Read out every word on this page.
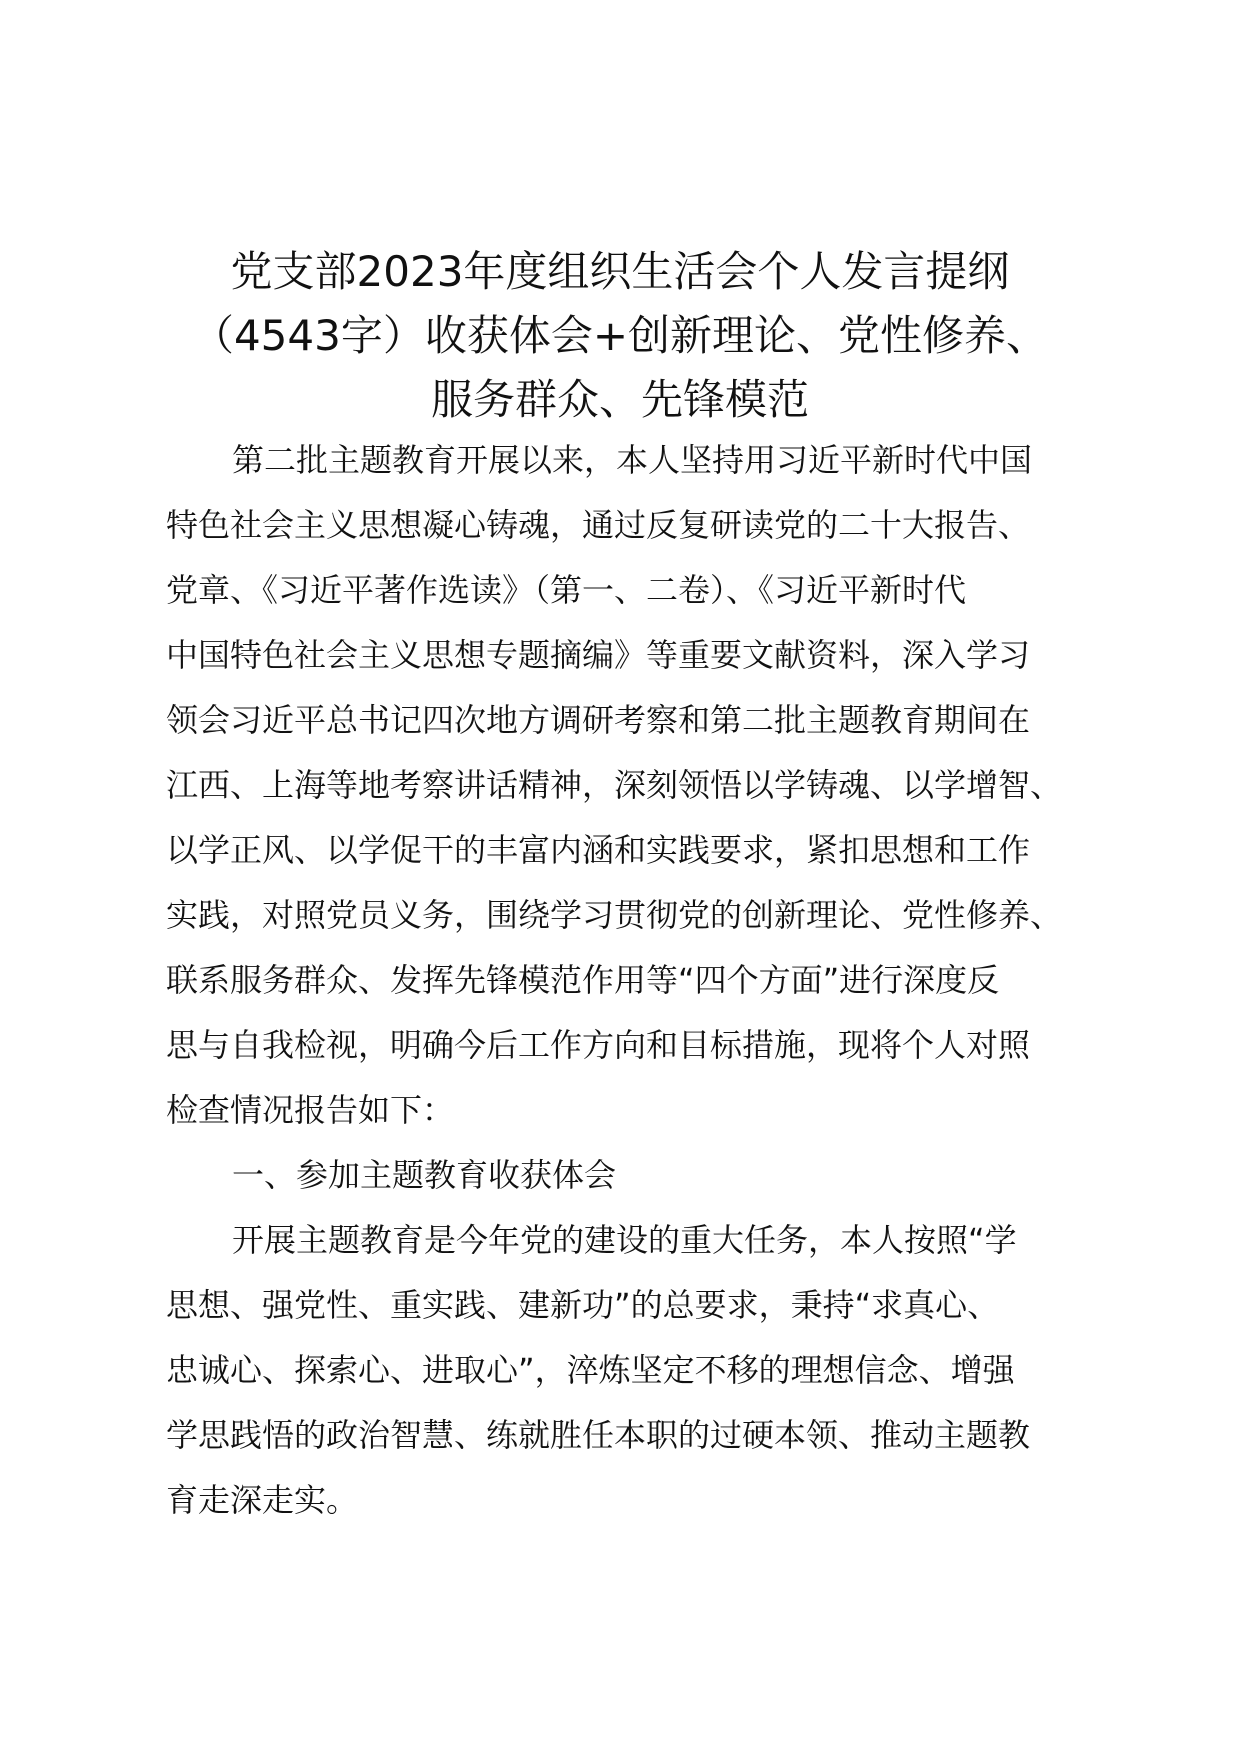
党支部2023年度组织生活会个人发言提纲
（4543字）收获体会+创新理论、党性修养、
服务群众、先锋模范
第二批主题教育开展以来，本人坚持用习近平新时代中国
特色社会主义思想凝心铸魂，通过反复研读党的二十大报告、
党章、《习近平著作选读》（第一、二卷）、《习近平新时代
中国特色社会主义思想专题摘编》等重要文献资料，深入学习
领会习近平总书记四次地方调研考察和第二批主题教育期间在
江西、上海等地考察讲话精神，深刻领悟以学铸魂、以学增智、
以学正风、以学促干的丰富内涵和实践要求，紧扣思想和工作
实践，对照党员义务，围绕学习贯彻党的创新理论、党性修养、
联系服务群众、发挥先锋模范作用等“四个方面”进行深度反
思与自我检视，明确今后工作方向和目标措施，现将个人对照
检查情况报告如下：
一、参加主题教育收获体会
开展主题教育是今年党的建设的重大任务，本人按照“学
思想、强党性、重实践、建新功”的总要求，秉持“求真心、
忠诚心、探索心、进取心”，淬炼坚定不移的理想信念、增强
学思践悟的政治智慧、练就胜任本职的过硬本领、推动主题教
育走深走实。
